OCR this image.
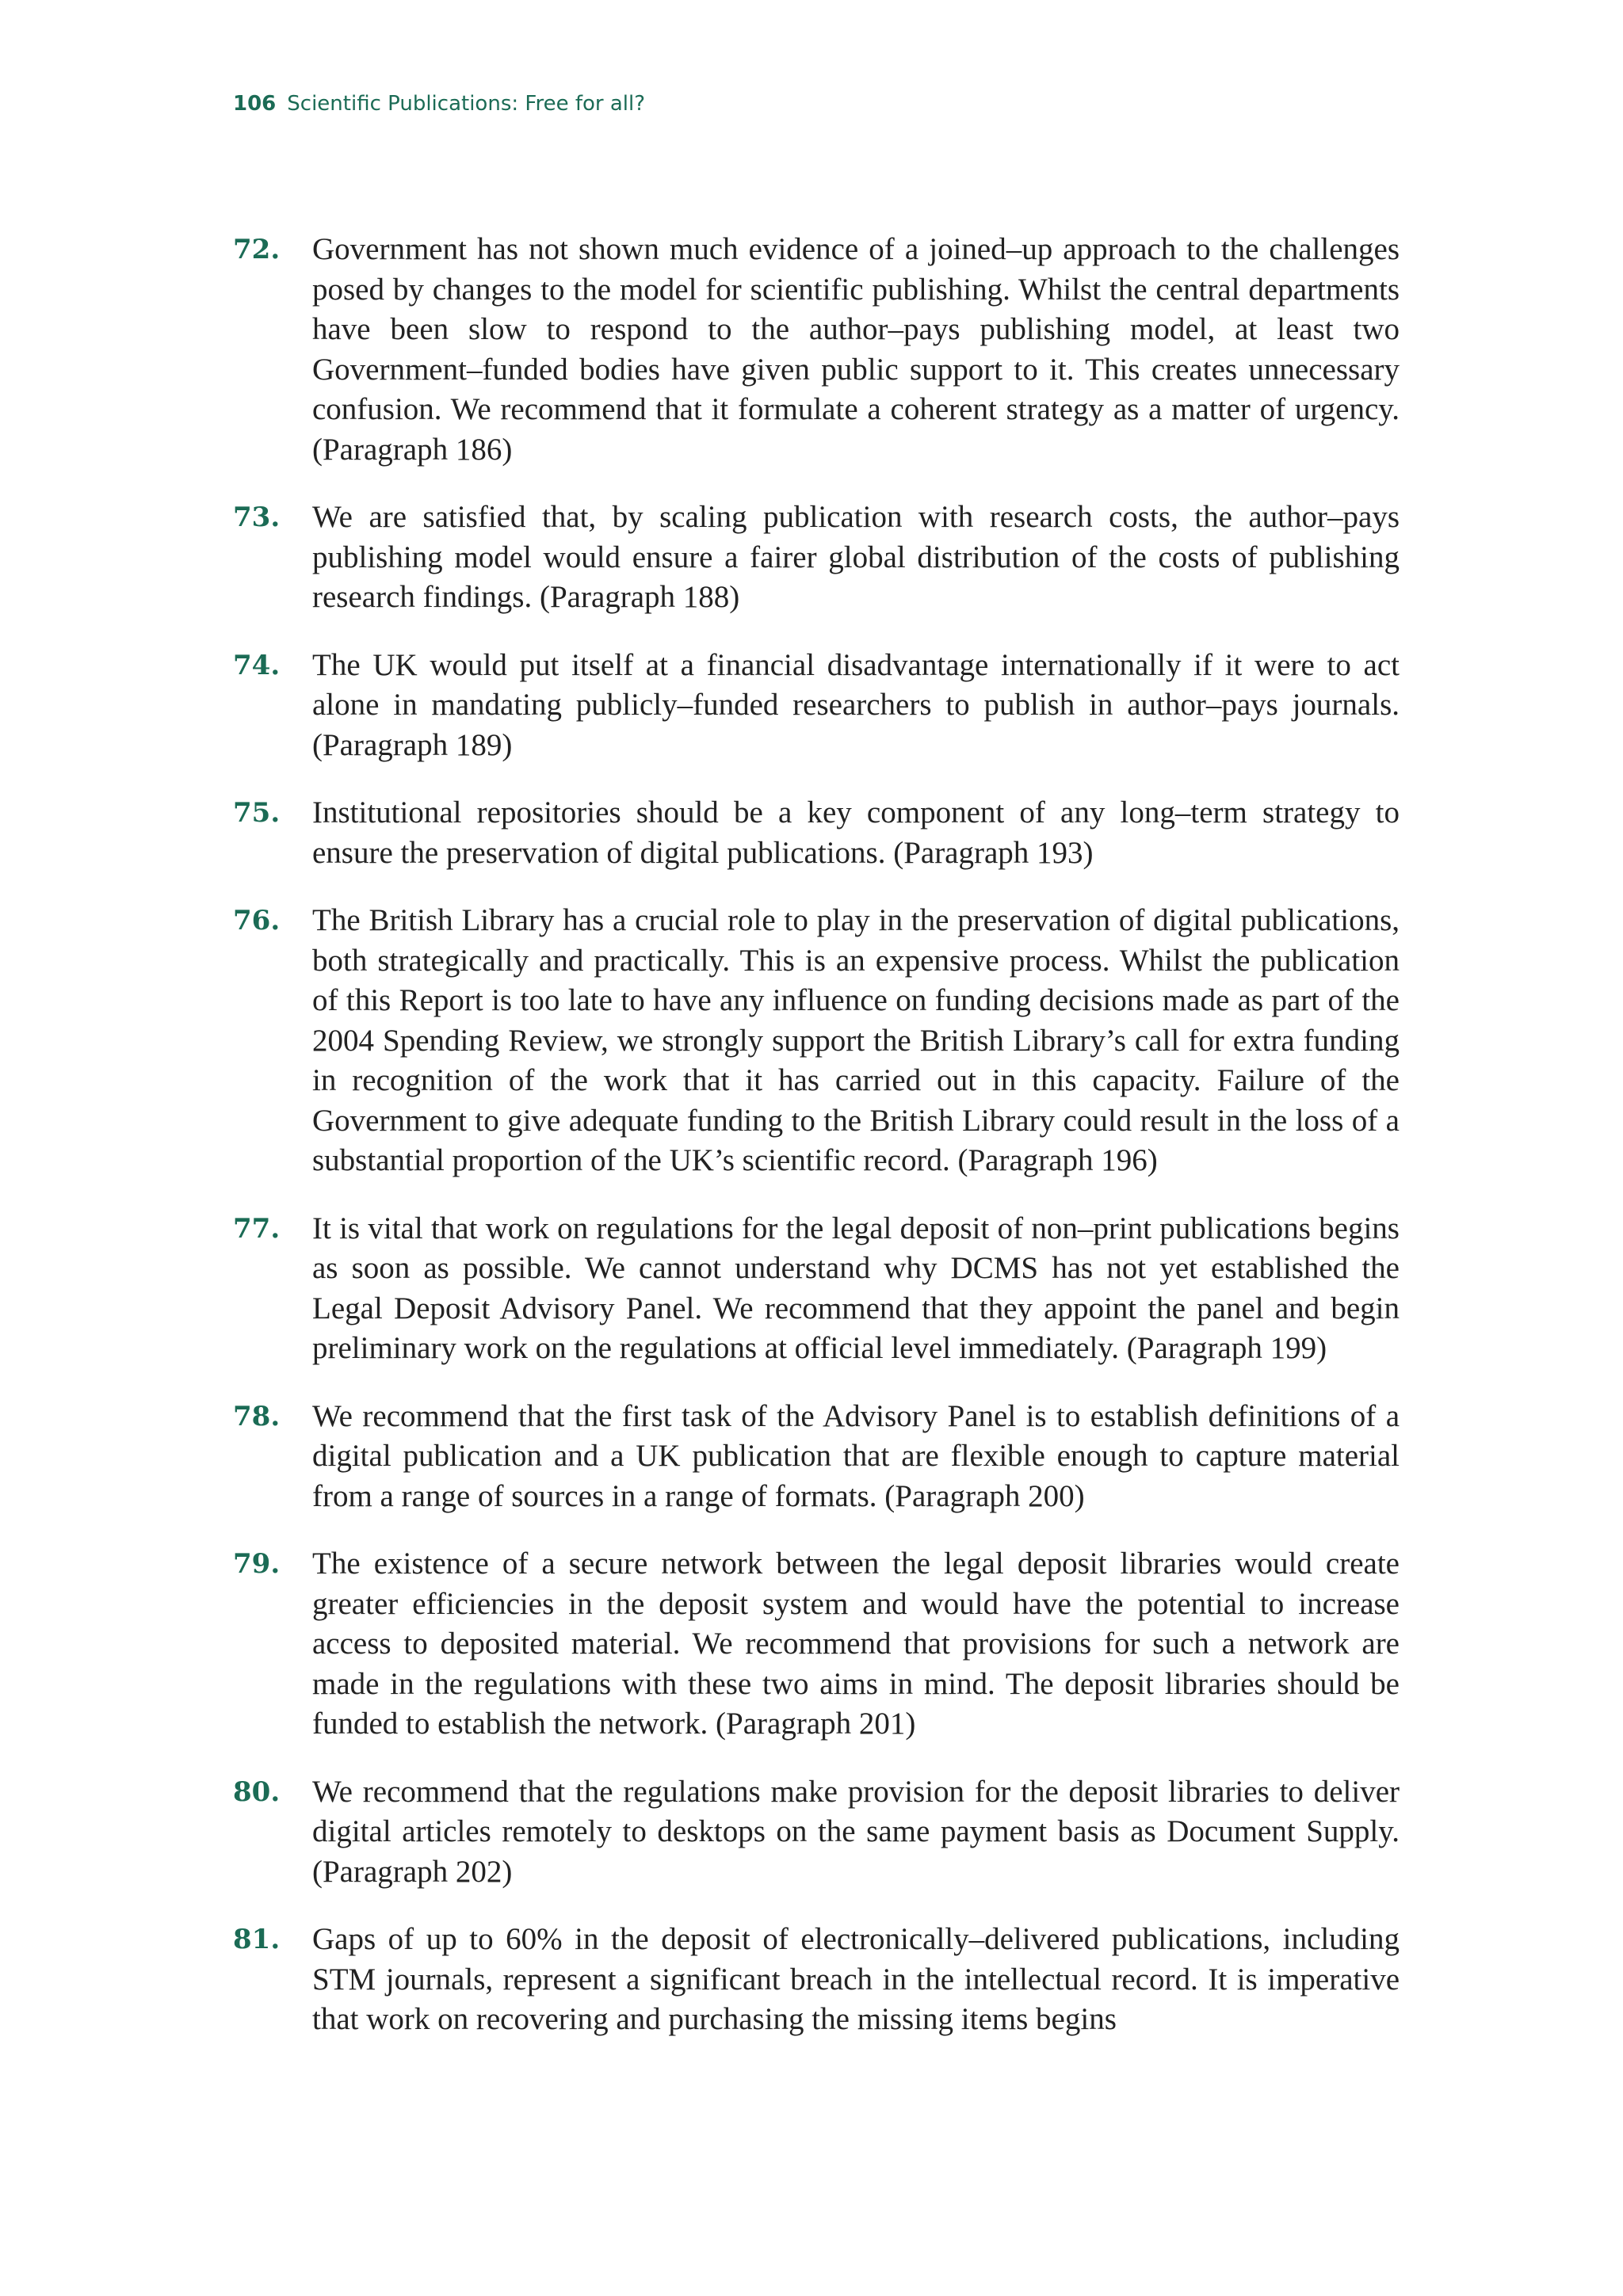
106 Scientific Publications: Free for all?
72.	Government has not shown much evidence of a joined–up approach to the challenges posed by changes to the model for scientific publishing. Whilst the central departments have been slow to respond to the author–pays publishing model, at least two Government–funded bodies have given public support to it. This creates unnecessary confusion. We recommend that it formulate a coherent strategy as a matter of urgency. (Paragraph 186)
73.	We are satisfied that, by scaling publication with research costs, the author–pays publishing model would ensure a fairer global distribution of the costs of publishing research findings. (Paragraph 188)
74.	The UK would put itself at a financial disadvantage internationally if it were to act alone in mandating publicly–funded researchers to publish in author–pays journals. (Paragraph 189)
75.	Institutional repositories should be a key component of any long–term strategy to ensure the preservation of digital publications. (Paragraph 193)
76.	The British Library has a crucial role to play in the preservation of digital publications, both strategically and practically. This is an expensive process. Whilst the publication of this Report is too late to have any influence on funding decisions made as part of the 2004 Spending Review, we strongly support the British Library’s call for extra funding in recognition of the work that it has carried out in this capacity. Failure of the Government to give adequate funding to the British Library could result in the loss of a substantial proportion of the UK’s scientific record. (Paragraph 196)
77.	It is vital that work on regulations for the legal deposit of non–print publications begins as soon as possible. We cannot understand why DCMS has not yet established the Legal Deposit Advisory Panel. We recommend that they appoint the panel and begin preliminary work on the regulations at official level immediately. (Paragraph 199)
78.	We recommend that the first task of the Advisory Panel is to establish definitions of a digital publication and a UK publication that are flexible enough to capture material from a range of sources in a range of formats. (Paragraph 200)
79.	The existence of a secure network between the legal deposit libraries would create greater efficiencies in the deposit system and would have the potential to increase access to deposited material. We recommend that provisions for such a network are made in the regulations with these two aims in mind. The deposit libraries should be funded to establish the network. (Paragraph 201)
80.	We recommend that the regulations make provision for the deposit libraries to deliver digital articles remotely to desktops on the same payment basis as Document Supply. (Paragraph 202)
81.	Gaps of up to 60% in the deposit of electronically–delivered publications, including STM journals, represent a significant breach in the intellectual record. It is imperative that work on recovering and purchasing the missing items begins
